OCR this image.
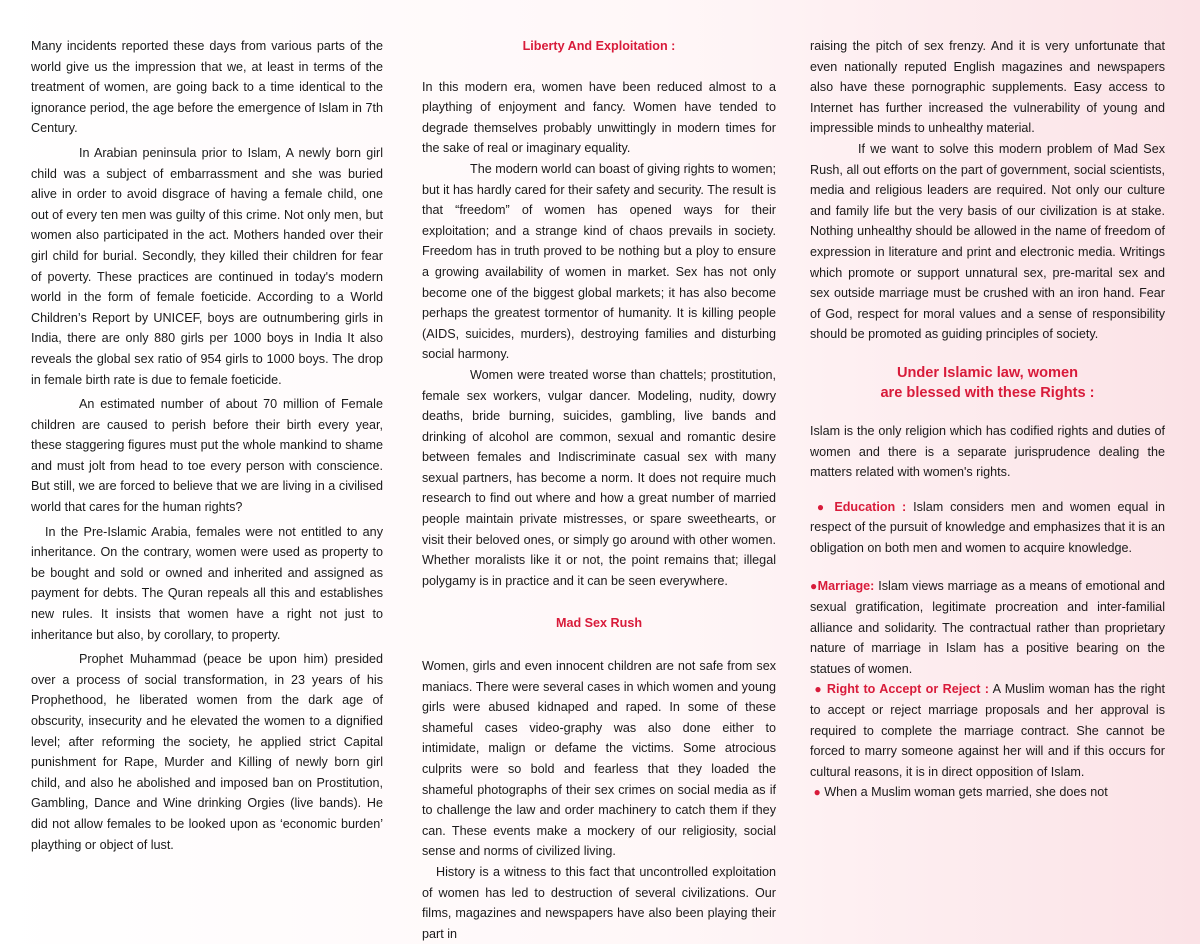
Many incidents reported these days from various parts of the world give us the impression that we, at least in terms of the treatment of women, are going back to a time identical to the ignorance period, the age before the emergence of Islam in 7th Century.

In Arabian peninsula prior to Islam, A newly born girl child was a subject of embarrassment and she was buried alive in order to avoid disgrace of having a female child, one out of every ten men was guilty of this crime. Not only men, but women also participated in the act. Mothers handed over their girl child for burial. Secondly, they killed their children for fear of poverty. These practices are continued in today's modern world in the form of female foeticide. According to a World Children’s Report by UNICEF, boys are outnumbering girls in India, there are only 880 girls per 1000 boys in India It also reveals the global sex ratio of 954 girls to 1000 boys. The drop in female birth rate is due to female foeticide.

An estimated number of about 70 million of Female children are caused to perish before their birth every year, these staggering figures must put the whole mankind to shame and must jolt from head to toe every person with conscience. But still, we are forced to believe that we are living in a civilised world that cares for the human rights?

In the Pre-Islamic Arabia, females were not entitled to any inheritance. On the contrary, women were used as property to be bought and sold or owned and inherited and assigned as payment for debts. The Quran repeals all this and establishes new rules. It insists that women have a right not just to inheritance but also, by corollary, to property.

Prophet Muhammad (peace be upon him) presided over a process of social transformation, in 23 years of his Prophethood, he liberated women from the dark age of obscurity, insecurity and he elevated the women to a dignified level; after reforming the society, he applied strict Capital punishment for Rape, Murder and Killing of newly born girl child, and also he abolished and imposed ban on Prostitution, Gambling, Dance and Wine drinking Orgies (live bands). He did not allow females to be looked upon as ‘economic burden’ plaything or object of lust.

Liberty And Exploitation :

In this modern era, women have been reduced almost to a plaything of enjoyment and fancy. Women have tended to degrade themselves probably unwittingly in modern times for the sake of real or imaginary equality.

The modern world can boast of giving rights to women; but it has hardly cared for their safety and security. The result is that “freedom” of women has opened ways for their exploitation; and a strange kind of chaos prevails in society. Freedom has in truth proved to be nothing but a ploy to ensure a growing availability of women in market. Sex has not only become one of the biggest global markets; it has also become perhaps the greatest tormentor of humanity. It is killing people (AIDS, suicides, murders), destroying families and disturbing social harmony.

Women were treated worse than chattels; prostitution, female sex workers, vulgar dancer. Modeling, nudity, dowry deaths, bride burning, suicides, gambling, live bands and drinking of alcohol are common, sexual and romantic desire between females and Indiscriminate casual sex with many sexual partners, has become a norm. It does not require much research to find out where and how a great number of married people maintain private mistresses, or spare sweethearts, or visit their beloved ones, or simply go around with other women. Whether moralists like it or not, the point remains that; illegal polygamy is in practice and it can be seen everywhere.

Mad Sex Rush

Women, girls and even innocent children are not safe from sex maniacs. There were several cases in which women and young girls were abused kidnaped and raped. In some of these shameful cases video-graphy was also done either to intimidate, malign or defame the victims. Some atrocious culprits were so bold and fearless that they loaded the shameful photographs of their sex crimes on social media as if to challenge the law and order machinery to catch them if they can. These events make a mockery of our religiosity, social sense and norms of civilized living.

History is a witness to this fact that uncontrolled exploitation of women has led to destruction of several civilizations. Our films, magazines and newspapers have also been playing their part in

raising the pitch of sex frenzy. And it is very unfortunate that even nationally reputed English magazines and newspapers also have these pornographic supplements. Easy access to Internet has further increased the vulnerability of young and impressible minds to unhealthy material.

If we want to solve this modern problem of Mad Sex Rush, all out efforts on the part of government, social scientists, media and religious leaders are required. Not only our culture and family life but the very basis of our civilization is at stake. Nothing unhealthy should be allowed in the name of freedom of expression in literature and print and electronic media. Writings which promote or support unnatural sex, pre-marital sex and sex outside marriage must be crushed with an iron hand. Fear of God, respect for moral values and a sense of responsibility should be promoted as guiding principles of society.

Under Islamic law, women

are blessed with these Rights :

Islam is the only religion which has codified rights and duties of women and there is a separate jurisprudence dealing the matters related with women's rights.

● Education : Islam considers men and women equal in respect of the pursuit of knowledge and emphasizes that it is an obligation on both men and women to acquire knowledge.

●Marriage: Islam views marriage as a means of emotional and sexual gratification, legitimate procreation and inter-familial alliance and solidarity. The contractual rather than proprietary nature of marriage in Islam has a positive bearing on the statues of women.

● Right to Accept or Reject : A Muslim woman has the right to accept or reject marriage proposals and her approval is required to complete the marriage contract. She cannot be forced to marry someone against her will and if this occurs for cultural reasons, it is in direct opposition of Islam.

● When a Muslim woman gets married, she does not
